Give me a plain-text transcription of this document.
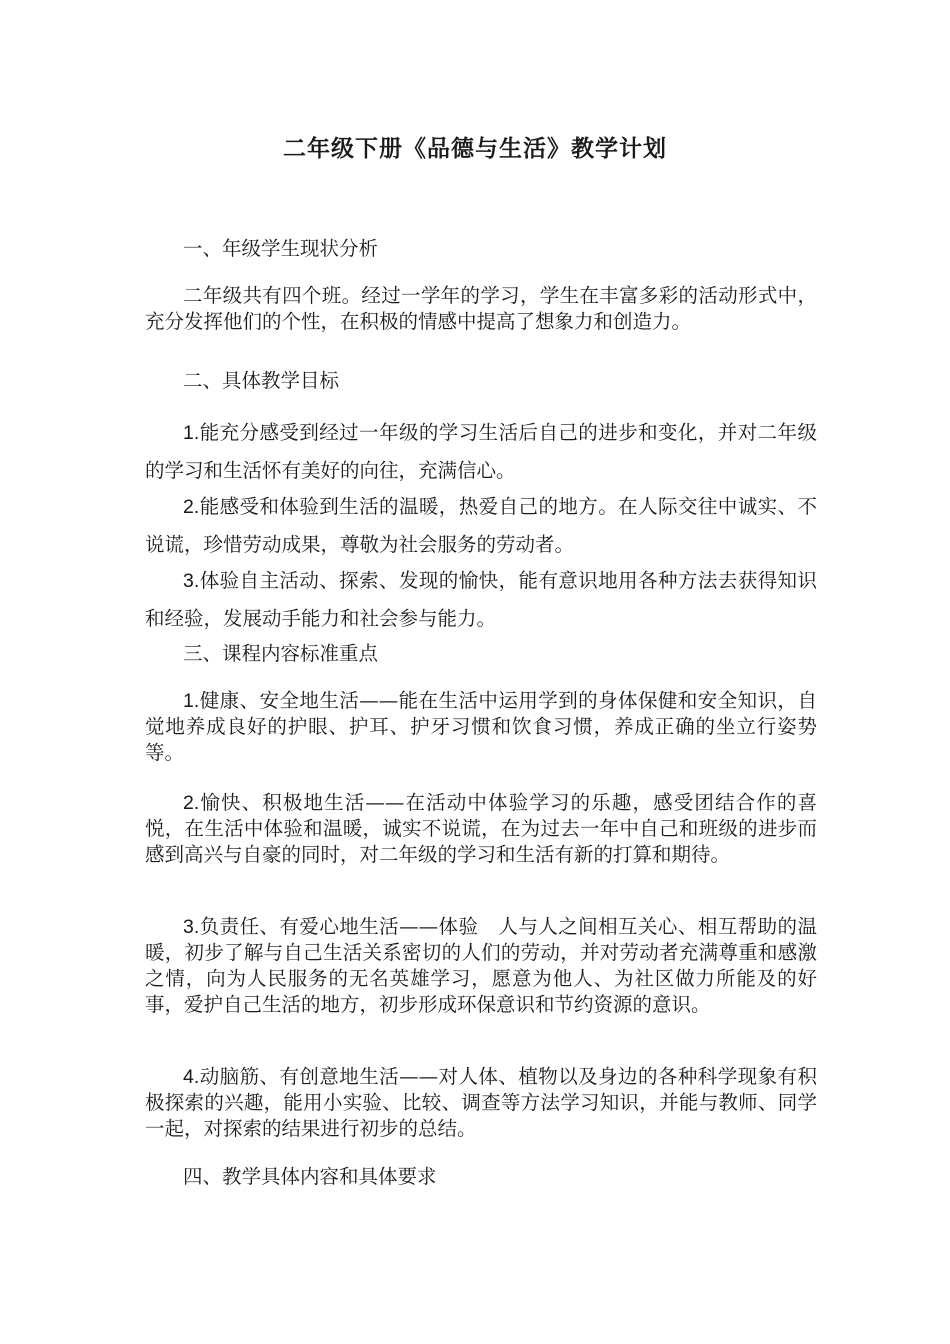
二年级下册《品德与生活》教学计划

一、年级学生现状分析

二年级共有四个班。经过一学年的学习，学生在丰富多彩的活动形式中，充分发挥他们的个性，在积极的情感中提高了想象力和创造力。

二、具体教学目标

1.能充分感受到经过一年级的学习生活后自己的进步和变化，并对二年级的学习和生活怀有美好的向往，充满信心。

2.能感受和体验到生活的温暖，热爱自己的地方。在人际交往中诚实、不说谎，珍惜劳动成果，尊敬为社会服务的劳动者。

3.体验自主活动、探索、发现的愉快，能有意识地用各种方法去获得知识和经验，发展动手能力和社会参与能力。

三、课程内容标准重点

1.健康、安全地生活——能在生活中运用学到的身体保健和安全知识，自觉地养成良好的护眼、护耳、护牙习惯和饮食习惯，养成正确的坐立行姿势等。

2.愉快、积极地生活——在活动中体验学习的乐趣，感受团结合作的喜悦，在生活中体验和温暖，诚实不说谎，在为过去一年中自己和班级的进步而感到高兴与自豪的同时，对二年级的学习和生活有新的打算和期待。

3.负责任、有爱心地生活——体验　人与人之间相互关心、相互帮助的温暖，初步了解与自己生活关系密切的人们的劳动，并对劳动者充满尊重和感激之情，向为人民服务的无名英雄学习，愿意为他人、为社区做力所能及的好事，爱护自己生活的地方，初步形成环保意识和节约资源的意识。

4.动脑筋、有创意地生活——对人体、植物以及身边的各种科学现象有积极探索的兴趣，能用小实验、比较、调查等方法学习知识，并能与教师、同学一起，对探索的结果进行初步的总结。

四、教学具体内容和具体要求
